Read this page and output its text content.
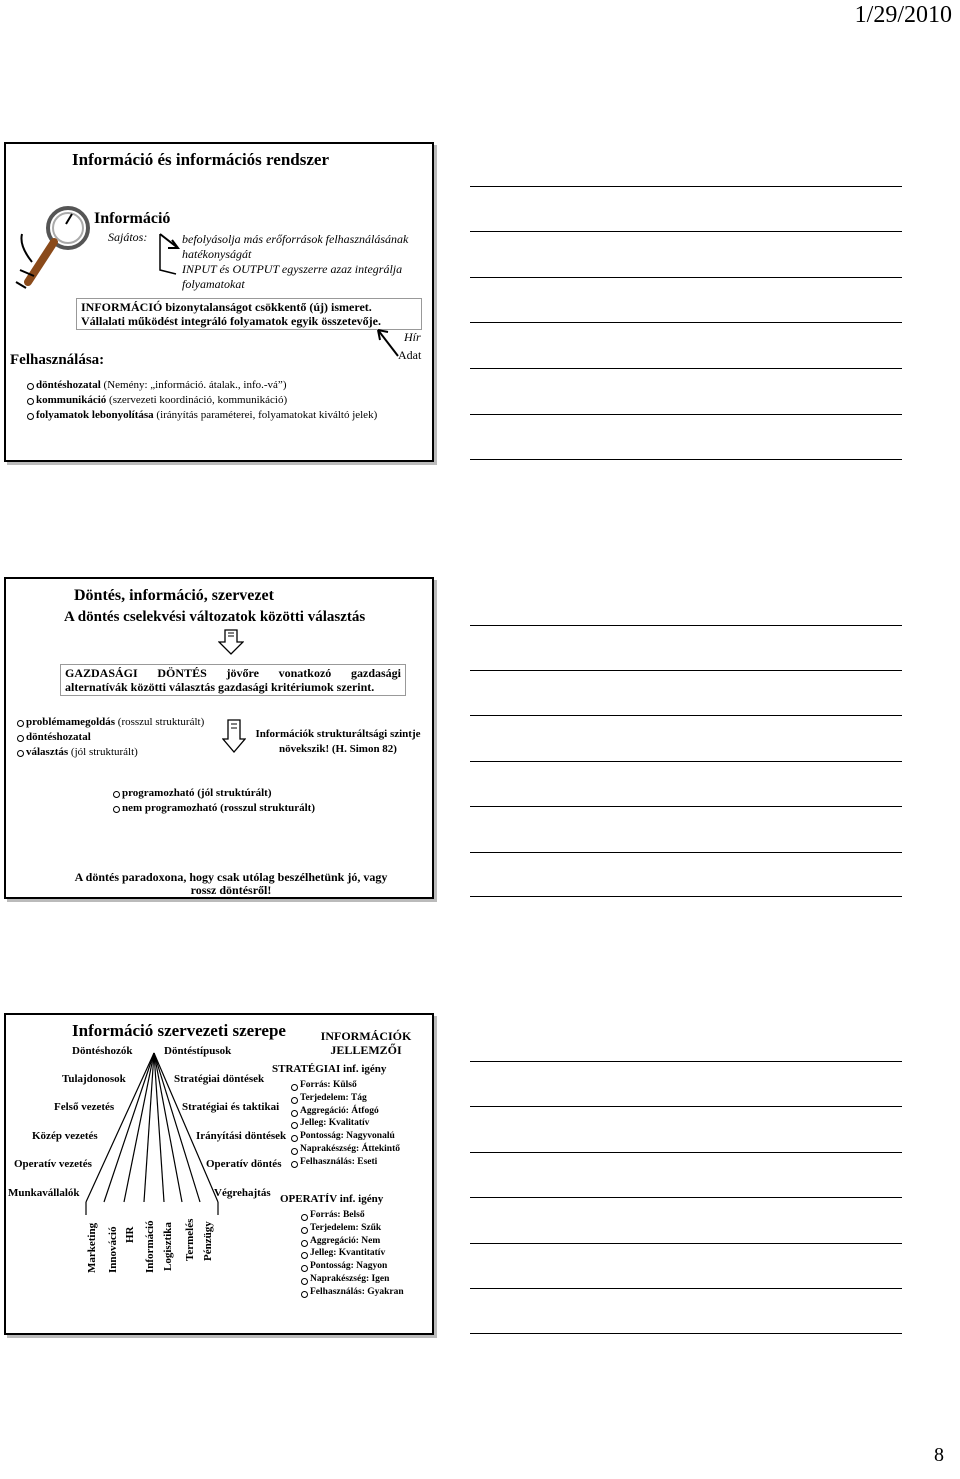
1/29/2010
Információ és információs rendszer
Információ
Sajátos:	befolyásolja más erőforrások felhasználásának
hatékonyságát
INPUT és OUTPUT egyszerre azaz integrálja
folyamatokat
INFORMÁCIÓ bizonytalanságot csökkentő (új) ismeret.
Vállalati működést integráló folyamatok egyik összetevője.
Hír
Adat
Felhasználása:
döntéshozatal (Nemény: „információ. átalak., info.-vá”)
kommunikáció (szervezeti koordináció, kommunikáció)
folyamatok lebonyolítása (irányítás paraméterei, folyamatokat kiváltó jelek)
Döntés, információ, szervezet
A döntés cselekvési változatok közötti választás
GAZDASÁGI DÖNTÉS jövőre vonatkozó gazdasági
alternatívák közötti választás gazdasági kritériumok szerint.
problémamegoldás (rosszul strukturált)
döntéshozatal
választás (jól strukturált)
Információk strukturáltsági szintje
növekszik! (H. Simon 82)
programozható (jól struktúrált)
nem programozható (rosszul strukturált)
A döntés paradoxona, hogy csak utólag beszélhetünk jó, vagy
rossz döntésről!
Információ szervezeti szerepe	INFORMÁCIÓK
JELLEMZŐI
Döntéshozók	Döntéstípusok
Tulajdonosok
Felső vezetés
Közép vezetés
Operatív vezetés
Munkavállalók
Stratégiai döntések
Stratégiai és taktikai
Irányítási döntések
Operatív döntés
Végrehajtás
Marketing Innováció HR Információ Logisztika Termelés Pénzügy
STRATÉGIAI inf. igény
Forrás: Külső
Terjedelem: Tág
Aggregáció: Átfogó
Jelleg: Kvalitatív
Pontosság: Nagyvonalú
Naprakészség: Áttekintő
Felhasználás: Eseti
OPERATÍV inf. igény
Forrás: Belső
Terjedelem: Szűk
Aggregáció: Nem
Jelleg: Kvantitatív
Pontosság: Nagyon
Naprakészség: Igen
Felhasználás: Gyakran
8
